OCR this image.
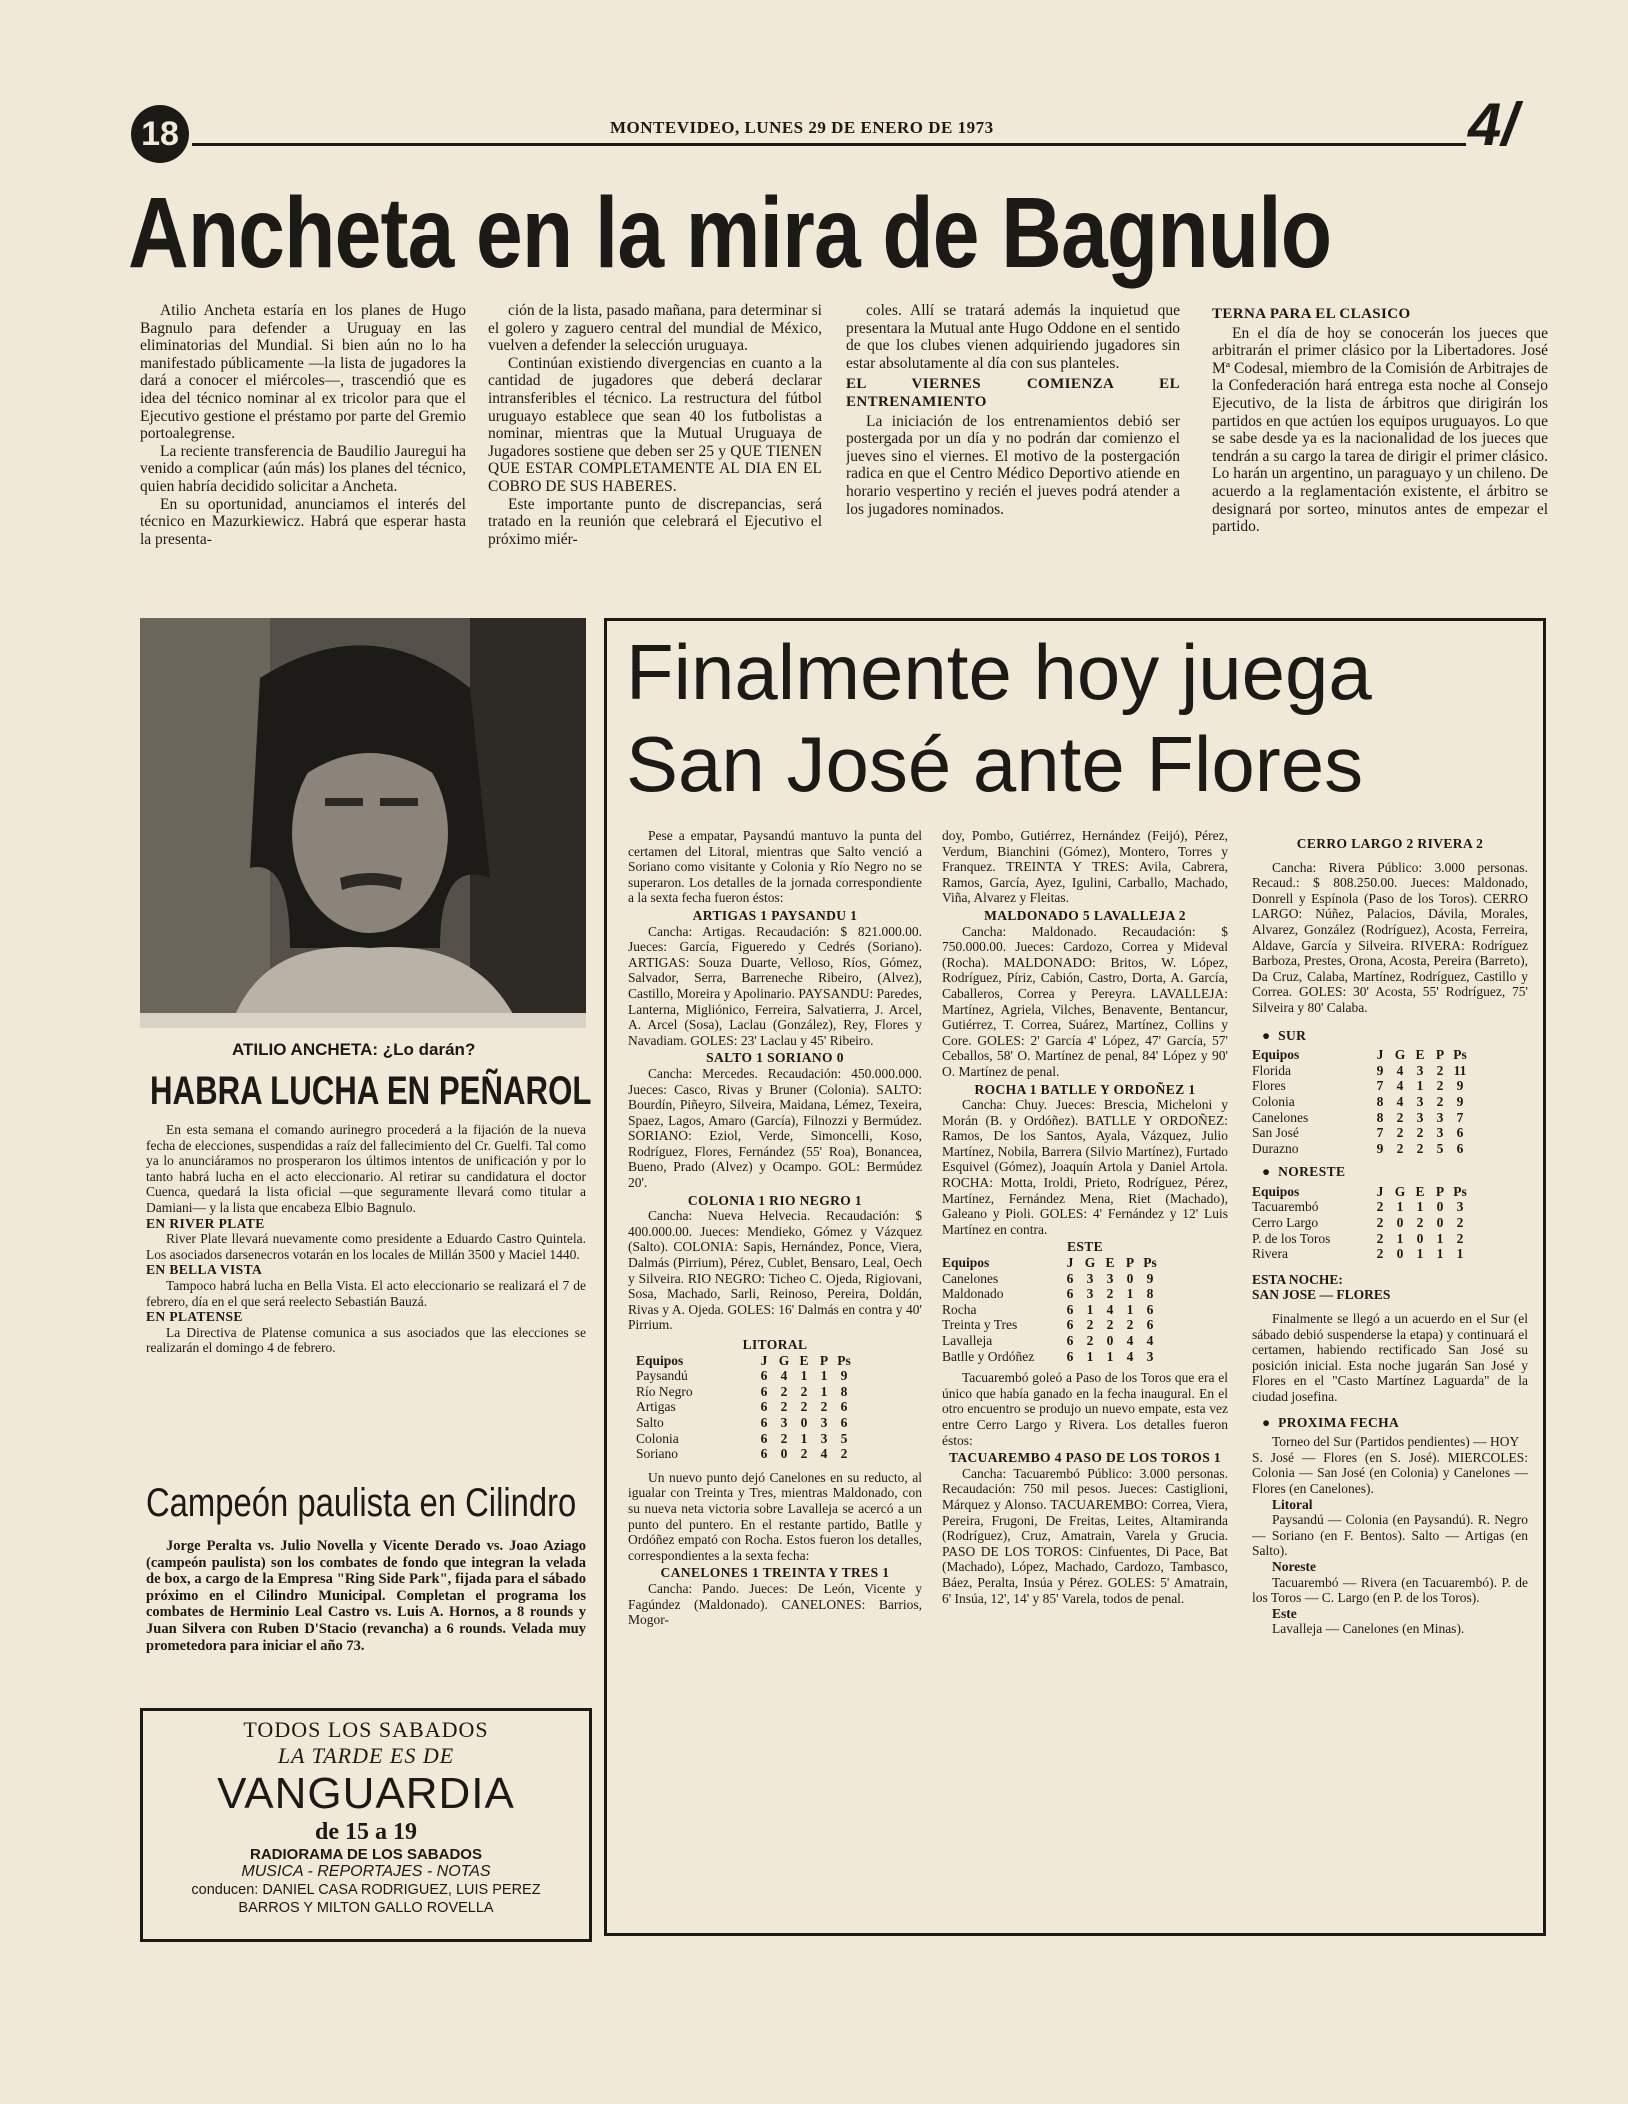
18	MONTEVIDEO, LUNES 29 DE ENERO DE 1973	4/
Ancheta en la mira de Bagnulo

Atilio Ancheta estaría en los planes de Hugo Bagnulo para defender a Uruguay en las eliminatorias del Mundial. Si bien aún no lo ha manifestado públicamente —la lista de jugadores la dará a conocer el miércoles—, trascendió que es idea del técnico nominar al ex tricolor para que el Ejecutivo gestione el préstamo por parte del Gremio portoalegrense.

La reciente transferencia de Baudilio Jauregui ha venido a complicar (aún más) los planes del técnico, quien habría decidido solicitar a Ancheta.

En su oportunidad, anunciamos el interés del técnico en Mazurkiewicz. Habrá que esperar hasta la presenta-

ción de la lista, pasado mañana, para determinar si el golero y zaguero central del mundial de México, vuelven a defender la selección uruguaya.

Continúan existiendo divergencias en cuanto a la cantidad de jugadores que deberá declarar intransferibles el técnico. La restructura del fútbol uruguayo establece que sean 40 los futbolistas a nominar, mientras que la Mutual Uruguaya de Jugadores sostiene que deben ser 25 y QUE TIENEN QUE ESTAR COMPLETAMENTE AL DIA EN EL COBRO DE SUS HABERES.

Este importante punto de discrepancias, será tratado en la reunión que celebrará el Ejecutivo el próximo miér-

coles. Allí se tratará además la inquietud que presentara la Mutual ante Hugo Oddone en el sentido de que los clubes vienen adquiriendo jugadores sin estar absolutamente al día con sus planteles.

EL VIERNES COMIENZA EL ENTRENAMIENTO

La iniciación de los entrenamientos debió ser postergada por un día y no podrán dar comienzo el jueves sino el viernes. El motivo de la postergación radica en que el Centro Médico Deportivo atiende en horario vespertino y recién el jueves podrá atender a los jugadores nominados.

TERNA PARA EL CLASICO

En el día de hoy se conocerán los jueces que arbitrarán el primer clásico por la Libertadores. José Mª Codesal, miembro de la Comisión de Arbitrajes de la Confederación hará entrega esta noche al Consejo Ejecutivo, de la lista de árbitros que dirigirán los partidos en que actúen los equipos uruguayos. Lo que se sabe desde ya es la nacionalidad de los jueces que tendrán a su cargo la tarea de dirigir el primer clásico. Lo harán un argentino, un paraguayo y un chileno. De acuerdo a la reglamentación existente, el árbitro se designará por sorteo, minutos antes de empezar el partido.

ATILIO ANCHETA: ¿Lo darán?
HABRA LUCHA EN PEÑAROL

En esta semana el comando aurinegro procederá a la fijación de la nueva fecha de elecciones, suspendidas a raíz del fallecimiento del Cr. Guelfi. Tal como ya lo anunciáramos no prosperaron los últimos intentos de unificación y por lo tanto habrá lucha en el acto eleccionario. Al retirar su candidatura el doctor Cuenca, quedará la lista oficial —que seguramente llevará como titular a Damiani— y la lista que encabeza Elbio Bagnulo.

EN RIVER PLATE

River Plate llevará nuevamente como presidente a Eduardo Castro Quintela. Los asociados darsenecros votarán en los locales de Millán 3500 y Maciel 1440.

EN BELLA VISTA

Tampoco habrá lucha en Bella Vista. El acto eleccionario se realizará el 7 de febrero, día en el que será reelecto Sebastián Bauzá.

EN PLATENSE

La Directiva de Platense comunica a sus asociados que las elecciones se realizarán el domingo 4 de febrero.

Campeón paulista en Cilindro

Jorge Peralta vs. Julio Novella y Vicente Derado vs. Joao Aziago (campeón paulista) son los combates de fondo que integran la velada de box, a cargo de la Empresa "Ring Side Park", fijada para el sábado próximo en el Cilindro Municipal. Completan el programa los combates de Herminio Leal Castro vs. Luis A. Hornos, a 8 rounds y Juan Silvera con Ruben D'Stacio (revancha) a 6 rounds. Velada muy prometedora para iniciar el año 73.

TODOS LOS SABADOS
LA TARDE ES DE
VANGUARDIA
de 15 a 19
RADIORAMA DE LOS SABADOS
MUSICA - REPORTAJES - NOTAS
conducen: DANIEL CASA RODRIGUEZ, LUIS PEREZ BARROS Y MILTON GALLO ROVELLA
Finalmente hoy juega
San José ante Flores

Pese a empatar, Paysandú mantuvo la punta del certamen del Litoral, mientras que Salto venció a Soriano como visitante y Colonia y Río Negro no se superaron. Los detalles de la jornada correspondiente a la sexta fecha fueron éstos:

ARTIGAS 1 PAYSANDU 1

Cancha: Artigas. Recaudación: $ 821.000.00. Jueces: García, Figueredo y Cedrés (Soriano). ARTIGAS: Souza Duarte, Velloso, Ríos, Gómez, Salvador, Serra, Barreneche Ribeiro, (Alvez), Castillo, Moreira y Apolinario. PAYSANDU: Paredes, Lanterna, Migliónico, Ferreira, Salvatierra, J. Arcel, A. Arcel (Sosa), Laclau (González), Rey, Flores y Navadiam. GOLES: 23' Laclau y 45' Ribeiro.

SALTO 1 SORIANO 0

Cancha: Mercedes. Recaudación: 450.000.000. Jueces: Casco, Rivas y Bruner (Colonia). SALTO: Bourdín, Piñeyro, Silveira, Maidana, Lémez, Texeira, Spaez, Lagos, Amaro (García), Filnozzi y Bermúdez. SORIANO: Eziol, Verde, Simoncelli, Koso, Rodríguez, Flores, Fernández (55' Roa), Bonancea, Bueno, Prado (Alvez) y Ocampo. GOL: Bermúdez 20'.

COLONIA 1 RIO NEGRO 1

Cancha: Nueva Helvecia. Recaudación: $ 400.000.00. Jueces: Mendieko, Gómez y Vázquez (Salto). COLONIA: Sapis, Hernández, Ponce, Viera, Dalmás (Pirrium), Pérez, Cublet, Bensaro, Leal, Oech y Silveira. RIO NEGRO: Ticheo C. Ojeda, Rigiovani, Sosa, Machado, Sarli, Reinoso, Pereira, Doldán, Rivas y A. Ojeda. GOLES: 16' Dalmás en contra y 40' Pirrium.

LITORAL
Equipos	J	G	E	P	Ps
Paysandú	6	4	1	1	9
Río Negro	6	2	2	1	8
Artigas	6	2	2	2	6
Salto	6	3	0	3	6
Colonia	6	2	1	3	5
Soriano	6	0	2	4	2

Un nuevo punto dejó Canelones en su reducto, al igualar con Treinta y Tres, mientras Maldonado, con su nueva neta victoria sobre Lavalleja se acercó a un punto del puntero. En el restante partido, Batlle y Ordóñez empató con Rocha. Estos fueron los detalles, correspondientes a la sexta fecha:

CANELONES 1 TREINTA Y TRES 1

Cancha: Pando. Jueces: De León, Vicente y Fagúndez (Maldonado). CANELONES: Barrios, Mogor-

doy, Pombo, Gutiérrez, Hernández (Feijó), Pérez, Verdum, Bianchini (Gómez), Montero, Torres y Franquez. TREINTA Y TRES: Avila, Cabrera, Ramos, García, Ayez, Igulini, Carballo, Machado, Viña, Alvarez y Fleitas.

MALDONADO 5 LAVALLEJA 2

Cancha: Maldonado. Recaudación: $ 750.000.00. Jueces: Cardozo, Correa y Mideval (Rocha). MALDONADO: Britos, W. López, Rodríguez, Píriz, Cabión, Castro, Dorta, A. García, Caballeros, Correa y Pereyra. LAVALLEJA: Martínez, Agriela, Vilches, Benavente, Bentancur, Gutiérrez, T. Correa, Suárez, Martínez, Collins y Core. GOLES: 2' García 4' López, 47' García, 57' Ceballos, 58' O. Martínez de penal, 84' López y 90' O. Martínez de penal.

ROCHA 1 BATLLE Y ORDOÑEZ 1

Cancha: Chuy. Jueces: Brescia, Micheloni y Morán (B. y Ordóñez). BATLLE Y ORDOÑEZ: Ramos, De los Santos, Ayala, Vázquez, Julio Martínez, Nobila, Barrera (Silvio Martínez), Furtado Esquivel (Gómez), Joaquín Artola y Daniel Artola. ROCHA: Motta, Iroldi, Prieto, Rodríguez, Pérez, Martínez, Fernández Mena, Riet (Machado), Galeano y Pioli. GOLES: 4' Fernández y 12' Luis Martínez en contra.

ESTE
Equipos	J	G	E	P	Ps
Canelones	6	3	3	0	9
Maldonado	6	3	2	1	8
Rocha	6	1	4	1	6
Treinta y Tres	6	2	2	2	6
Lavalleja	6	2	0	4	4
Batlle y Ordóñez	6	1	1	4	3

Tacuarembó goleó a Paso de los Toros que era el único que había ganado en la fecha inaugural. En el otro encuentro se produjo un nuevo empate, esta vez entre Cerro Largo y Rivera. Los detalles fueron éstos:

TACUAREMBO 4 PASO DE LOS TOROS 1

Cancha: Tacuarembó Público: 3.000 personas. Recaudación: 750 mil pesos. Jueces: Castiglioni, Márquez y Alonso. TACUAREMBO: Correa, Viera, Pereira, Frugoni, De Freitas, Leites, Altamiranda (Rodríguez), Cruz, Amatrain, Varela y Grucia. PASO DE LOS TOROS: Cinfuentes, Di Pace, Bat (Machado), López, Machado, Cardozo, Tambasco, Báez, Peralta, Insúa y Pérez. GOLES: 5' Amatrain, 6' Insúa, 12', 14' y 85' Varela, todos de penal.

CERRO LARGO 2 RIVERA 2

Cancha: Rivera Público: 3.000 personas. Recaud.: $ 808.250.00. Jueces: Maldonado, Donrell y Espínola (Paso de los Toros). CERRO LARGO: Núñez, Palacios, Dávila, Morales, Alvarez, González (Rodríguez), Acosta, Ferreira, Aldave, García y Silveira. RIVERA: Rodríguez Barboza, Prestes, Orona, Acosta, Pereira (Barreto), Da Cruz, Calaba, Martínez, Rodríguez, Castillo y Correa. GOLES: 30' Acosta, 55' Rodríguez, 75' Silveira y 80' Calaba.

●  SUR
Equipos	J	G	E	P	Ps
Florida	9	4	3	2	11
Flores	7	4	1	2	9
Colonia	8	4	3	2	9
Canelones	8	2	3	3	7
San José	7	2	2	3	6
Durazno	9	2	2	5	6
●  NORESTE
Equipos	J	G	E	P	Ps
Tacuarembó	2	1	1	0	3
Cerro Largo	2	0	2	0	2
P. de los Toros	2	1	0	1	2
Rivera	2	0	1	1	1
ESTA NOCHE:
SAN JOSE — FLORES

Finalmente se llegó a un acuerdo en el Sur (el sábado debió suspenderse la etapa) y continuará el certamen, habiendo rectificado San José su posición inicial. Esta noche jugarán San José y Flores en el "Casto Martínez Laguarda" de la ciudad josefina.

●  PROXIMA FECHA

Torneo del Sur (Partidos pendientes) — HOY

S. José — Flores (en S. José). MIERCOLES: Colonia — San José (en Colonia) y Canelones — Flores (en Canelones).

Litoral

Paysandú — Colonia (en Paysandú). R. Negro — Soriano (en F. Bentos). Salto — Artigas (en Salto).

Noreste

Tacuarembó — Rivera (en Tacuarembó). P. de los Toros — C. Largo (en P. de los Toros).

Este

Lavalleja — Canelones (en Minas).
